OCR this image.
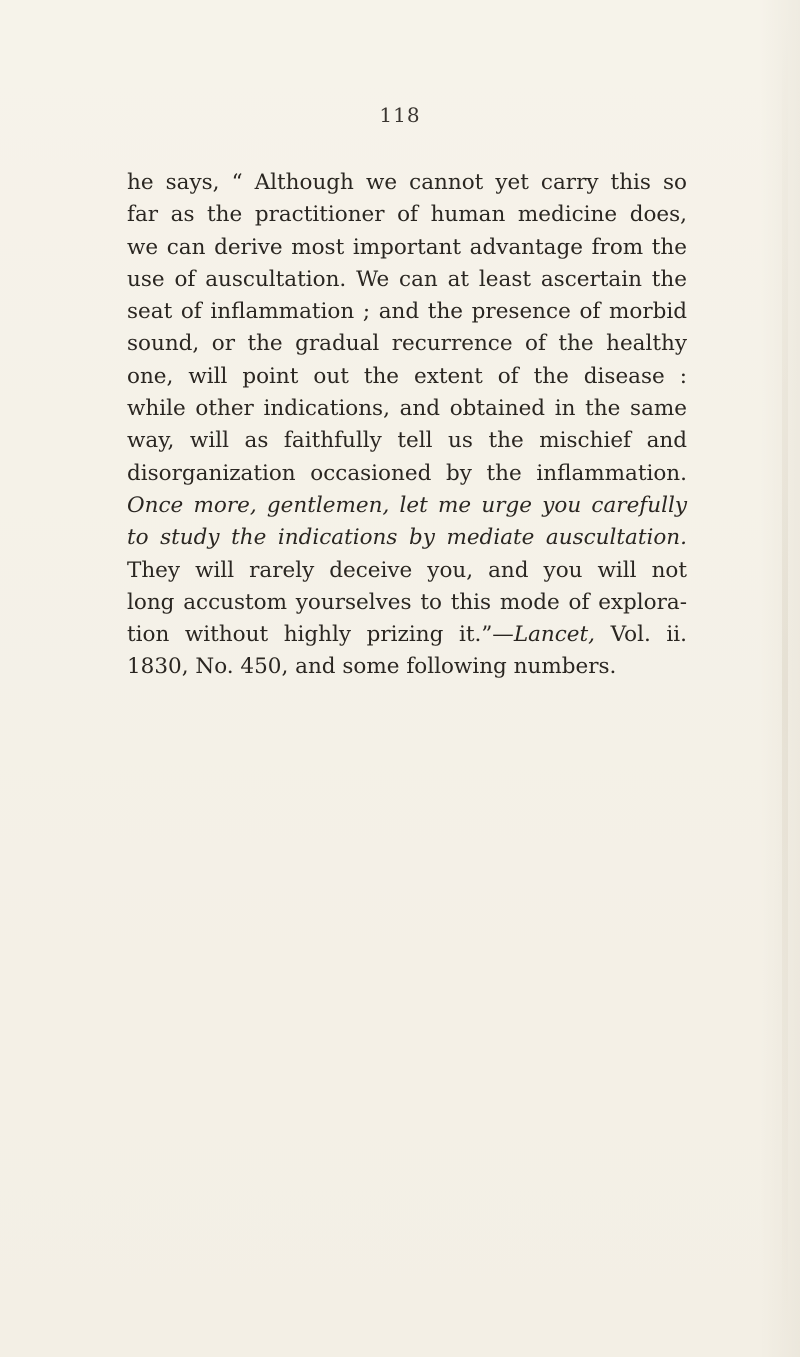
118
he says, “ Although we cannot yet carry this so
far as the practitioner of human medicine does,
we can derive most important advantage from the
use of auscultation. We can at least ascertain the
seat of inflammation ; and the presence of morbid
sound, or the gradual recurrence of the healthy
one, will point out the extent of the disease :
while other indications, and obtained in the same
way, will as faithfully tell us the mischief and
disorganization occasioned by the inflammation.
Once more, gentlemen, let me urge you carefully
to study the indications by mediate auscultation.
They will rarely deceive you, and you will not
long accustom yourselves to this mode of explora-
tion without highly prizing it.”—Lancet, Vol. ii.
1830, No. 450, and some following numbers.
